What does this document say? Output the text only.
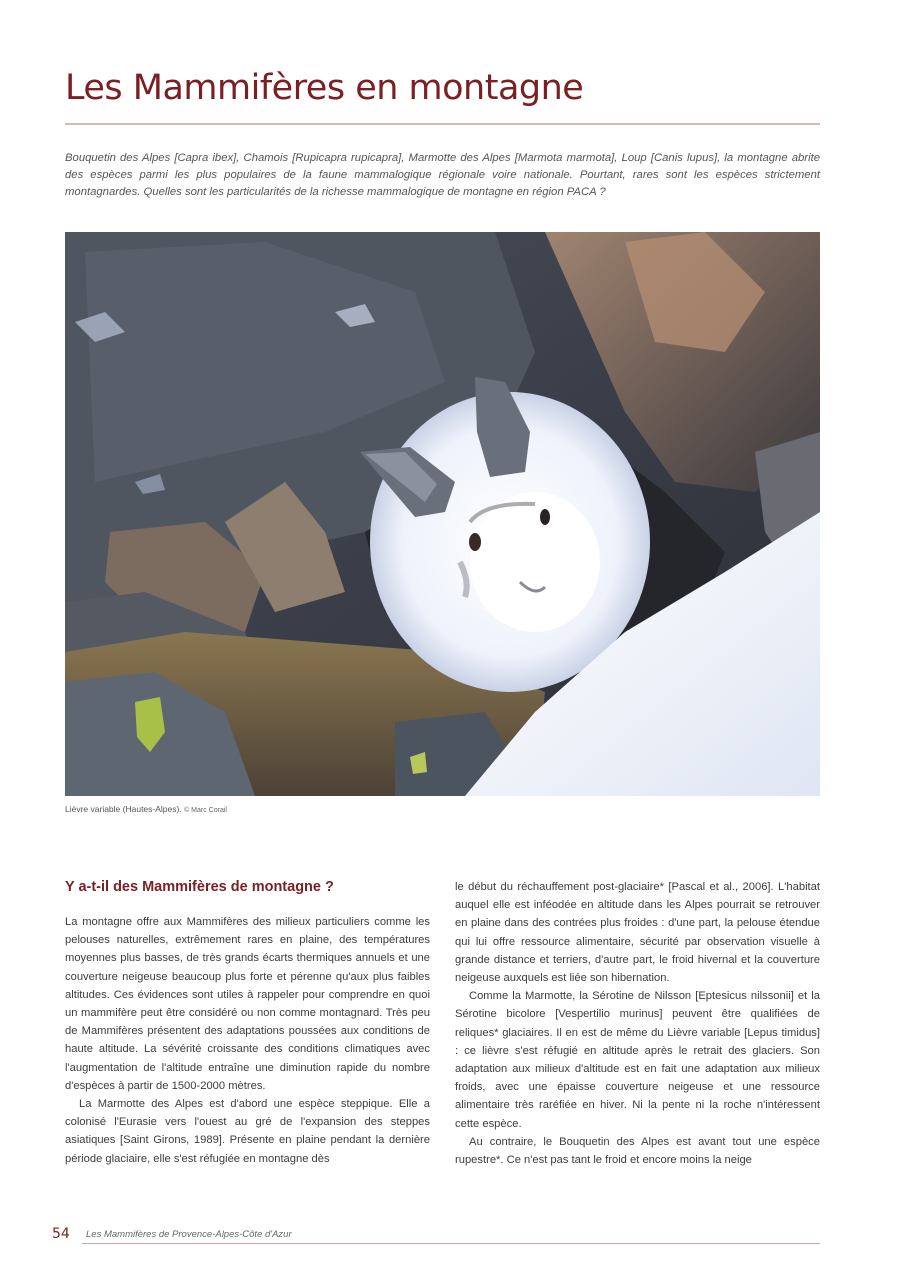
Les Mammifères en montagne

Bouquetin des Alpes [Capra ibex], Chamois [Rupicapra rupicapra], Marmotte des Alpes [Marmota marmota], Loup [Canis lupus], la montagne abrite des espèces parmi les plus populaires de la faune mammalogique régionale voire nationale. Pourtant, rares sont les espèces strictement montagnardes. Quelles sont les particularités de la richesse mammalogique de montagne en région PACA ?

Lièvre variable (Hautes-Alpes). © Marc Corail
Y a-t-il des Mammifères de montagne ?

La montagne offre aux Mammifères des milieux particuliers comme les pelouses naturelles, extrêmement rares en plaine, des températures moyennes plus basses, de très grands écarts thermiques annuels et une couverture neigeuse beaucoup plus forte et pérenne qu'aux plus faibles altitudes. Ces évidences sont utiles à rappeler pour comprendre en quoi un mammifère peut être considéré ou non comme montagnard. Très peu de Mammifères présentent des adaptations poussées aux conditions de haute altitude. La sévérité croissante des conditions climatiques avec l'augmentation de l'altitude entraîne une diminution rapide du nombre d'espèces à partir de 1500-2000 mètres.

La Marmotte des Alpes est d'abord une espèce steppique. Elle a colonisé l'Eurasie vers l'ouest au gré de l'expansion des steppes asiatiques [Saint Girons, 1989]. Présente en plaine pendant la dernière période glaciaire, elle s'est réfugiée en montagne dès

le début du réchauffement post-glaciaire* [Pascal et al., 2006]. L'habitat auquel elle est inféodée en altitude dans les Alpes pourrait se retrouver en plaine dans des contrées plus froides : d'une part, la pelouse étendue qui lui offre ressource alimentaire, sécurité par observation visuelle à grande distance et terriers, d'autre part, le froid hivernal et la couverture neigeuse auxquels est liée son hibernation.

Comme la Marmotte, la Sérotine de Nilsson [Eptesicus nilssonii] et la Sérotine bicolore [Vespertilio murinus] peuvent être qualifiées de reliques* glaciaires. Il en est de même du Lièvre variable [Lepus timidus] : ce lièvre s'est réfugié en altitude après le retrait des glaciers. Son adaptation aux milieux d'altitude est en fait une adaptation aux milieux froids, avec une épaisse couverture neigeuse et une ressource alimentaire très raréfiée en hiver. Ni la pente ni la roche n'intéressent cette espèce.

Au contraire, le Bouquetin des Alpes est avant tout une espèce rupestre*. Ce n'est pas tant le froid et encore moins la neige

54 Les Mammifères de Provence-Alpes-Côte d'Azur
